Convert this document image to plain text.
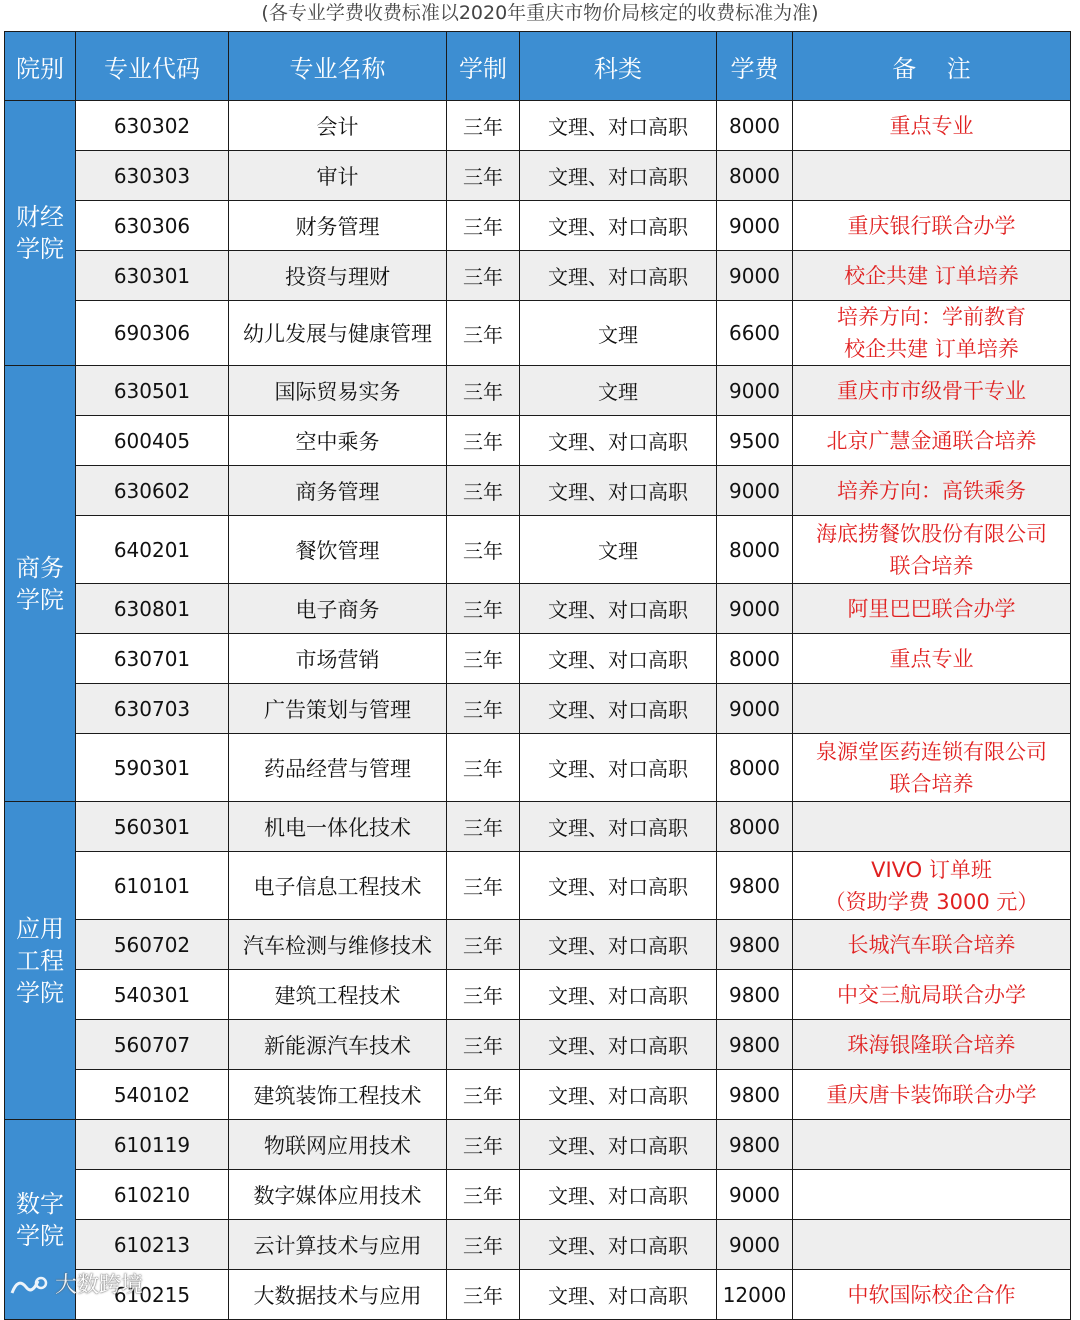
(各专业学费收费标准以2020年重庆市物价局核定的收费标准为准)
院别	专业代码	专业名称	学制	科类	学费	备    注
财经
学院	630302	会计	三年	文理、对口高职	8000	重点专业

	630303	审计	三年	文理、对口高职	8000	
	630306	财务管理	三年	文理、对口高职	9000	重庆银行联合办学

	630301	投资与理财	三年	文理、对口高职	9000	校企共建 订单培养

	690306	幼儿发展与健康管理	三年	文理	6600	培养方向：学前教育
校企共建 订单培养

商务
学院	630501	国际贸易实务	三年	文理	9000	重庆市市级骨干专业

	600405	空中乘务	三年	文理、对口高职	9500	北京广慧金通联合培养

	630602	商务管理	三年	文理、对口高职	9000	培养方向：高铁乘务

	640201	餐饮管理	三年	文理	8000	海底捞餐饮股份有限公司
联合培养

	630801	电子商务	三年	文理、对口高职	9000	阿里巴巴联合办学

	630701	市场营销	三年	文理、对口高职	8000	重点专业

	630703	广告策划与管理	三年	文理、对口高职	9000	
	590301	药品经营与管理	三年	文理、对口高职	8000	泉源堂医药连锁有限公司
联合培养

应用
工程
学院	560301	机电一体化技术	三年	文理、对口高职	8000	
	610101	电子信息工程技术	三年	文理、对口高职	9800	VIVO 订单班
（资助学费 3000 元）

	560702	汽车检测与维修技术	三年	文理、对口高职	9800	长城汽车联合培养

	540301	建筑工程技术	三年	文理、对口高职	9800	中交三航局联合办学

	560707	新能源汽车技术	三年	文理、对口高职	9800	珠海银隆联合培养

	540102	建筑装饰工程技术	三年	文理、对口高职	9800	重庆唐卡装饰联合办学

数字
学院	610119	物联网应用技术	三年	文理、对口高职	9800	
	610210	数字媒体应用技术	三年	文理、对口高职	9000	
	610213	云计算技术与应用	三年	文理、对口高职	9000	
	610215	大数据技术与应用	三年	文理、对口高职	12000	中软国际校企合作
大数跨境
